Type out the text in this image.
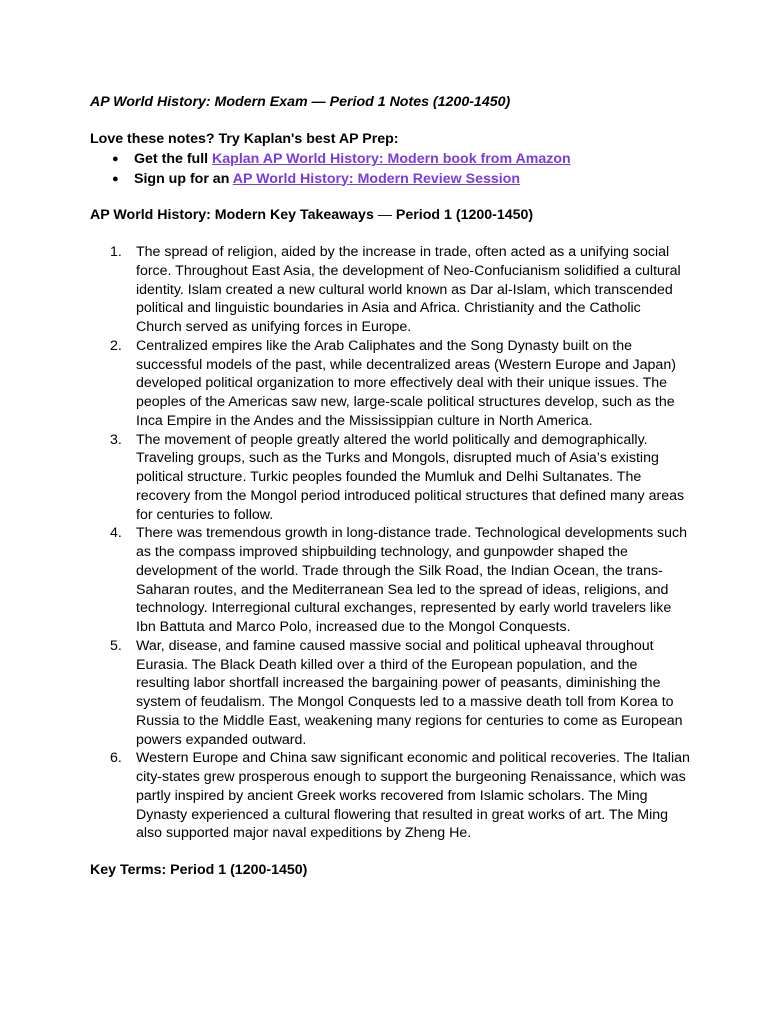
AP World History: Modern Exam — Period 1 Notes (1200-1450)
Love these notes? Try Kaplan's best AP Prep:
● Get the full Kaplan AP World History: Modern book from Amazon
● Sign up for an AP World History: Modern Review Session
AP World History: Modern Key Takeaways — Period 1 (1200-1450)
1. The spread of religion, aided by the increase in trade, often acted as a unifying social force. Throughout East Asia, the development of Neo-Confucianism solidified a cultural identity. Islam created a new cultural world known as Dar al-Islam, which transcended political and linguistic boundaries in Asia and Africa. Christianity and the Catholic Church served as unifying forces in Europe.
2. Centralized empires like the Arab Caliphates and the Song Dynasty built on the successful models of the past, while decentralized areas (Western Europe and Japan) developed political organization to more effectively deal with their unique issues. The peoples of the Americas saw new, large-scale political structures develop, such as the Inca Empire in the Andes and the Mississippian culture in North America.
3. The movement of people greatly altered the world politically and demographically. Traveling groups, such as the Turks and Mongols, disrupted much of Asia’s existing political structure. Turkic peoples founded the Mumluk and Delhi Sultanates. The recovery from the Mongol period introduced political structures that defined many areas for centuries to follow.
4. There was tremendous growth in long-distance trade. Technological developments such as the compass improved shipbuilding technology, and gunpowder shaped the development of the world. Trade through the Silk Road, the Indian Ocean, the trans-Saharan routes, and the Mediterranean Sea led to the spread of ideas, religions, and technology. Interregional cultural exchanges, represented by early world travelers like Ibn Battuta and Marco Polo, increased due to the Mongol Conquests.
5. War, disease, and famine caused massive social and political upheaval throughout Eurasia. The Black Death killed over a third of the European population, and the resulting labor shortfall increased the bargaining power of peasants, diminishing the system of feudalism. The Mongol Conquests led to a massive death toll from Korea to Russia to the Middle East, weakening many regions for centuries to come as European powers expanded outward.
6. Western Europe and China saw significant economic and political recoveries. The Italian city-states grew prosperous enough to support the burgeoning Renaissance, which was partly inspired by ancient Greek works recovered from Islamic scholars. The Ming Dynasty experienced a cultural flowering that resulted in great works of art. The Ming also supported major naval expeditions by Zheng He.
Key Terms: Period 1 (1200-1450)
